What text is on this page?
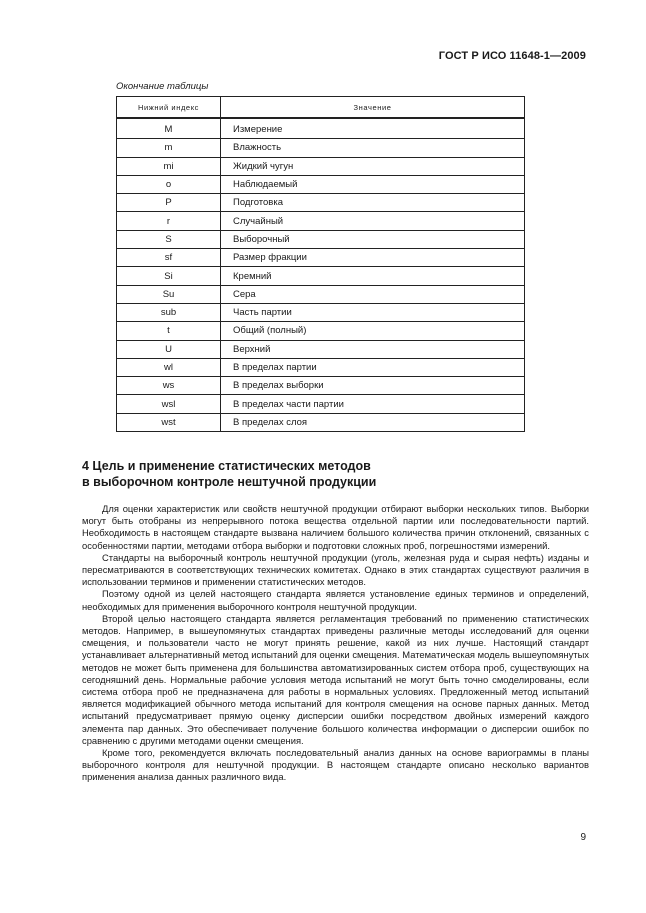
ГОСТ Р ИСО 11648-1—2009
Окончание таблицы
Нижний индекс	Значение
M	Измерение
m	Влажность
mi	Жидкий чугун
o	Наблюдаемый
P	Подготовка
r	Случайный
S	Выборочный
sf	Размер фракции
Si	Кремний
Su	Сера
sub	Часть партии
t	Общий (полный)
U	Верхний
wl	В пределах партии
ws	В пределах выборки
wsl	В пределах части партии
wst	В пределах слоя
4 Цель и применение статистических методов
в выборочном контроле нештучной продукции

Для оценки характеристик или свойств нештучной продукции отбирают выборки нескольких типов. Выборки могут быть отобраны из непрерывного потока вещества отдельной партии или последовательности партий. Необходимость в настоящем стандарте вызвана наличием большого количества причин отклонений, связанных с особенностями партии, методами отбора выборки и подготовки сложных проб, погрешностями измерений.

Стандарты на выборочный контроль нештучной продукции (уголь, железная руда и сырая нефть) изданы и пересматриваются в соответствующих технических комитетах. Однако в этих стандартах существуют различия в использовании терминов и применении статистических методов.

Поэтому одной из целей настоящего стандарта является установление единых терминов и определений, необходимых для применения выборочного контроля нештучной продукции.

Второй целью настоящего стандарта является регламентация требований по применению статистических методов. Например, в вышеупомянутых стандартах приведены различные методы исследований для оценки смещения, и пользователи часто не могут принять решение, какой из них лучше. Настоящий стандарт устанавливает альтернативный метод испытаний для оценки смещения. Математическая модель вышеупомянутых методов не может быть применена для большинства автоматизированных систем отбора проб, существующих на сегодняшний день. Нормальные рабочие условия метода испытаний не могут быть точно смоделированы, если система отбора проб не предназначена для работы в нормальных условиях. Предложенный метод испытаний является модификацией обычного метода испытаний для контроля смещения на основе парных данных. Метод испытаний предусматривает прямую оценку дисперсии ошибки посредством двойных измерений каждого элемента пар данных. Это обеспечивает получение большого количества информации о дисперсии ошибок по сравнению с другими методами оценки смещения.

Кроме того, рекомендуется включать последовательный анализ данных на основе вариограммы в планы выборочного контроля для нештучной продукции. В настоящем стандарте описано несколько вариантов применения анализа данных различного вида.

9
